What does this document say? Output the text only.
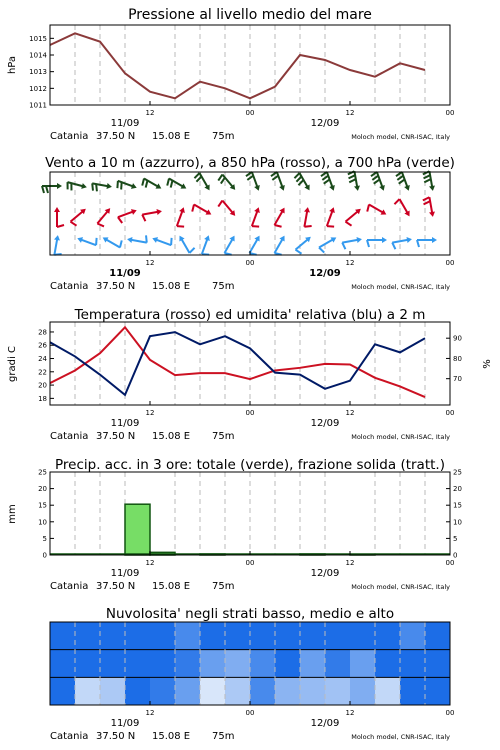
Pressione al livello medio del mare
1011
1012
1013
1014
1015
hPa
12	00	12	00
11/09	12/09
Catania 37.50 N 15.08 E 75m	Moloch model, CNR-ISAC, Italy
Vento a 10 m (azzurro), a 850 hPa (rosso), a 700 hPa (verde)
12	00	12	00
11/09	12/09
Catania 37.50 N 15.08 E 75m	Moloch model, CNR-ISAC, Italy
Temperatura (rosso) ed umidita' relativa (blu) a 2 m
18
20
22
24
26
28
70
80
90
gradi C	%
12	00	12	00
11/09	12/09
Catania 37.50 N 15.08 E 75m	Moloch model, CNR-ISAC, Italy
Precip. acc. in 3 ore: totale (verde), frazione solida (tratt.)
0
5
10
15
20
25
0
5
10
15
20
25
mm
12	00	12	00
11/09	12/09
Catania 37.50 N 15.08 E 75m	Moloch model, CNR-ISAC, Italy
Nuvolosita' negli strati basso, medio e alto
12	00	12	00
11/09	12/09
Catania 37.50 N 15.08 E 75m	Moloch model, CNR-ISAC, Italy
